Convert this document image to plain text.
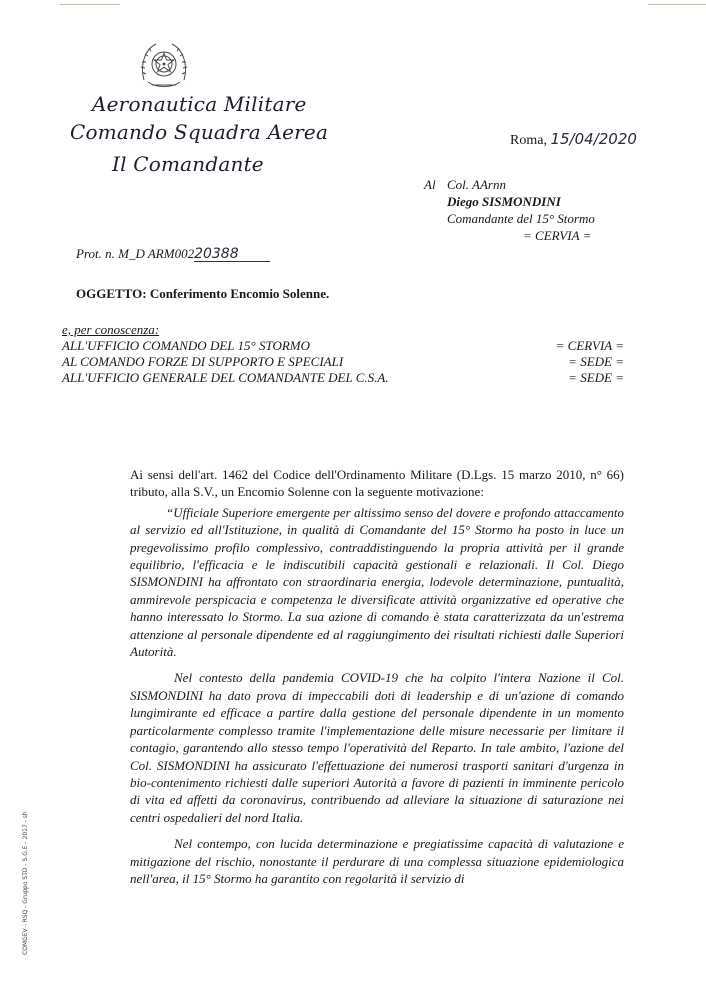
Aeronautica Militare
Comando Squadra Aerea
Il Comandante
Roma, 15/04/2020
Al Col. AArnn
Diego SISMONDINI
Comandante del 15° Stormo
= CERVIA =
Prot. n. M_D ARM00220388
OGGETTO: Conferimento Encomio Solenne.
e, per conoscenza:
ALL'UFFICIO COMANDO DEL 15° STORMO	= CERVIA =
AL COMANDO FORZE DI SUPPORTO E SPECIALI	= SEDE =
ALL'UFFICIO GENERALE DEL COMANDANTE DEL C.S.A.	= SEDE =

Ai sensi dell'art. 1462 del Codice dell'Ordinamento Militare (D.Lgs. 15 marzo 2010, n° 66) tributo, alla S.V., un Encomio Solenne con la seguente motivazione:

“Ufficiale Superiore emergente per altissimo senso del dovere e profondo attaccamento al servizio ed all'Istituzione, in qualità di Comandante del 15° Stormo ha posto in luce un pregevolissimo profilo complessivo, contraddistinguendo la propria attività per il grande equilibrio, l'efficacia e le indiscutibili capacità gestionali e relazionali. Il Col. Diego SISMONDINI ha affrontato con straordinaria energia, lodevole determinazione, puntualità, ammirevole perspicacia e competenza le diversificate attività organizzative ed operative che hanno interessato lo Stormo. La sua azione di comando è stata caratterizzata da un'estrema attenzione al personale dipendente ed al raggiungimento dei risultati richiesti dalle Superiori Autorità.

Nel contesto della pandemia COVID-19 che ha colpito l'intera Nazione il Col. SISMONDINI ha dato prova di impeccabili doti di leadership e di un'azione di comando lungimirante ed efficace a partire dalla gestione del personale dipendente in un momento particolarmente complesso tramite l'implementazione delle misure necessarie per limitare il contagio, garantendo allo stesso tempo l'operatività del Reparto. In tale ambito, l'azione del Col. SISMONDINI ha assicurato l'effettuazione dei numerosi trasporti sanitari d'urgenza in bio-contenimento richiesti dalle superiori Autorità a favore di pazienti in imminente pericolo di vita ed affetti da coronavirus, contribuendo ad alleviare la situazione di saturazione nei centri ospedalieri del nord Italia.

Nel contempo, con lucida determinazione e pregiatissime capacità di valutazione e mitigazione del rischio, nonostante il perdurare di una complessa situazione epidemiologica nell'area, il 15° Stormo ha garantito con regolarità il servizio di

COMGEV - RSQ - Gruppo STD - S.G.E - 2017 - sh
